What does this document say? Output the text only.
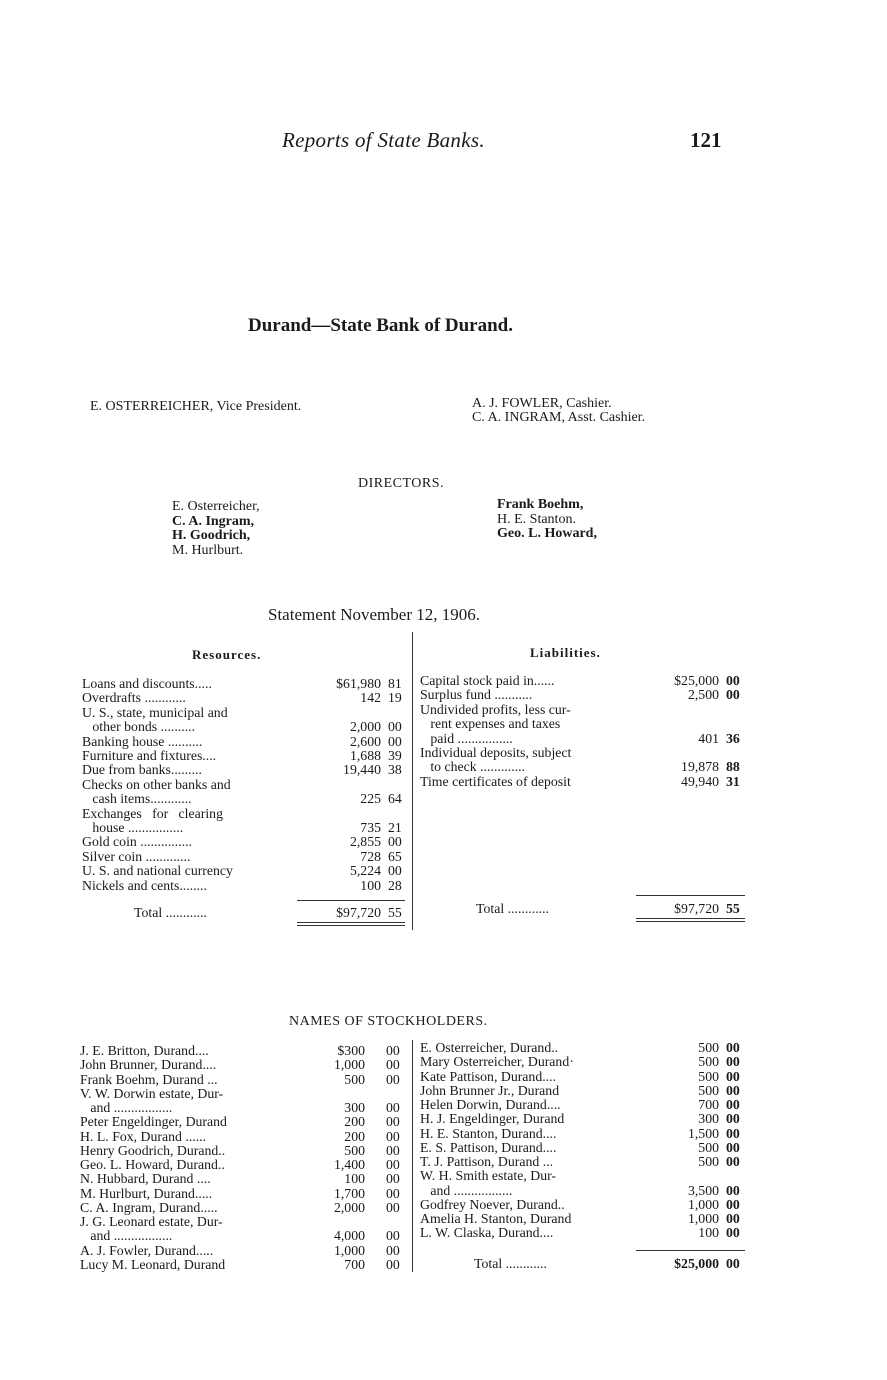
Reports of State Banks.	121
Durand—State Bank of Durand.
E. OSTERREICHER, Vice President.	A. J. FOWLER, Cashier.
C. A. INGRAM, Asst. Cashier.
DIRECTORS.
E. Osterreicher,
C. A. Ingram,
H. Goodrich,
M. Hurlburt.
Frank Boehm,
H. E. Stanton.
Geo. L. Howard,
Statement November 12, 1906.
Resources.	Liabilities.
Loans and discounts.....	$61,980 81
Overdrafts ............	142 19
U. S., state, municipal and
other bonds ..........	2,000 00
Banking house ..........	2,600 00
Furniture and fixtures....	1,688 39
Due from banks.........	19,440 38
Checks on other banks and
cash items............	225 64
Exchanges   for   clearing
house ................	735 21
Gold coin ...............	2,855 00
Silver coin .............	728 65
U. S. and national currency	5,224 00
Nickels and cents........	100 28
Capital stock paid in......	$25,000 00
Surplus fund ...........	2,500 00
Undivided profits, less cur-
rent expenses and taxes
paid ................	401 36
Individual deposits, subject
to check .............	19,878 88
Time certificates of deposit	49,940 31
Total ............	$97,720 55	Total ............	$97,720 55
NAMES OF STOCKHOLDERS.
J. E. Britton, Durand....	$300 00
John Brunner, Durand....	1,000 00
Frank Boehm, Durand ...	500 00
V. W. Dorwin estate, Dur-
and .................	300 00
Peter Engeldinger, Durand	200 00
H. L. Fox, Durand ......	200 00
Henry Goodrich, Durand..	500 00
Geo. L. Howard, Durand..	1,400 00
N. Hubbard, Durand ....	100 00
M. Hurlburt, Durand.....	1,700 00
C. A. Ingram, Durand.....	2,000 00
J. G. Leonard estate, Dur-
and .................	4,000 00
A. J. Fowler, Durand.....	1,000 00
Lucy M. Leonard, Durand	700 00
E. Osterreicher, Durand..	500 00
Mary Osterreicher, Durand·	500 00
Kate Pattison, Durand....	500 00
John Brunner Jr., Durand	500 00
Helen Dorwin, Durand....	700 00
H. J. Engeldinger, Durand	300 00
H. E. Stanton, Durand....	1,500 00
E. S. Pattison, Durand....	500 00
T. J. Pattison, Durand ...	500 00
W. H. Smith estate, Dur-
and .................	3,500 00
Godfrey Noever, Durand..	1,000 00
Amelia H. Stanton, Durand	1,000 00
L. W. Claska, Durand....	100 00
Total ............	$25,000 00
